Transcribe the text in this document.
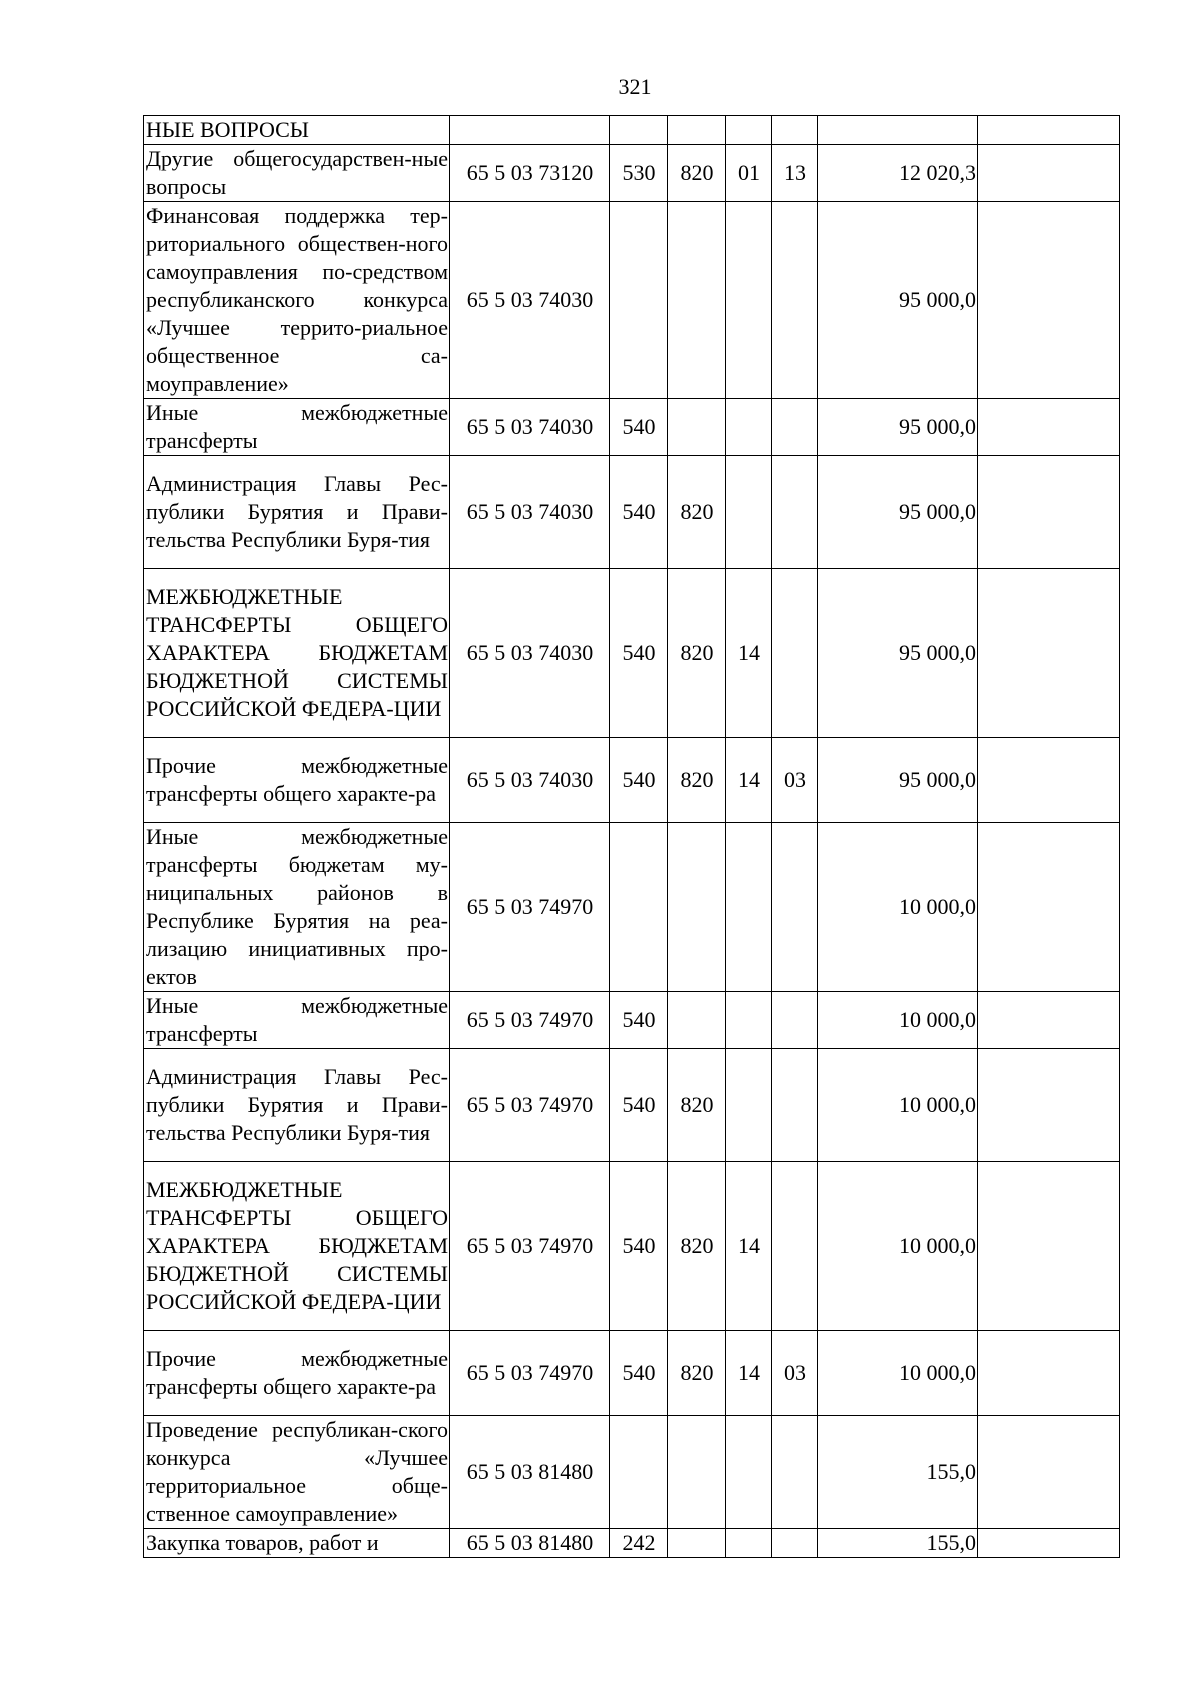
321
НЫЕ ВОПРОСЫ							
Другие общегосударствен-ные вопросы	65 5 03 73120	530	820	01	13	12 020,3	
Финансовая поддержка тер-риториального обществен-ного самоуправления по-средством республиканского конкурса «Лучшее террито-риальное общественное са-моуправление»	65 5 03 74030					95 000,0	
Иные межбюджетные трансферты	65 5 03 74030	540				95 000,0	
Администрация Главы Рес-публики Бурятия и Прави-тельства Республики Буря-тия	65 5 03 74030	540	820			95 000,0	
МЕЖБЮДЖЕТНЫЕ ТРАНСФЕРТЫ ОБЩЕГО ХАРАКТЕРА БЮДЖЕТАМ БЮДЖЕТНОЙ СИСТЕМЫ РОССИЙСКОЙ ФЕДЕРА-ЦИИ	65 5 03 74030	540	820	14		95 000,0	
Прочие межбюджетные трансферты общего характе-ра	65 5 03 74030	540	820	14	03	95 000,0	
Иные межбюджетные трансферты бюджетам му-ниципальных районов в Республике Бурятия на реа-лизацию инициативных про-ектов	65 5 03 74970					10 000,0	
Иные межбюджетные трансферты	65 5 03 74970	540				10 000,0	
Администрация Главы Рес-публики Бурятия и Прави-тельства Республики Буря-тия	65 5 03 74970	540	820			10 000,0	
МЕЖБЮДЖЕТНЫЕ ТРАНСФЕРТЫ ОБЩЕГО ХАРАКТЕРА БЮДЖЕТАМ БЮДЖЕТНОЙ СИСТЕМЫ РОССИЙСКОЙ ФЕДЕРА-ЦИИ	65 5 03 74970	540	820	14		10 000,0	
Прочие межбюджетные трансферты общего характе-ра	65 5 03 74970	540	820	14	03	10 000,0	
Проведение республикан-ского конкурса «Лучшее территориальное обще-ственное самоуправление»	65 5 03 81480					155,0	
Закупка товаров, работ и	65 5 03 81480	242				155,0	
